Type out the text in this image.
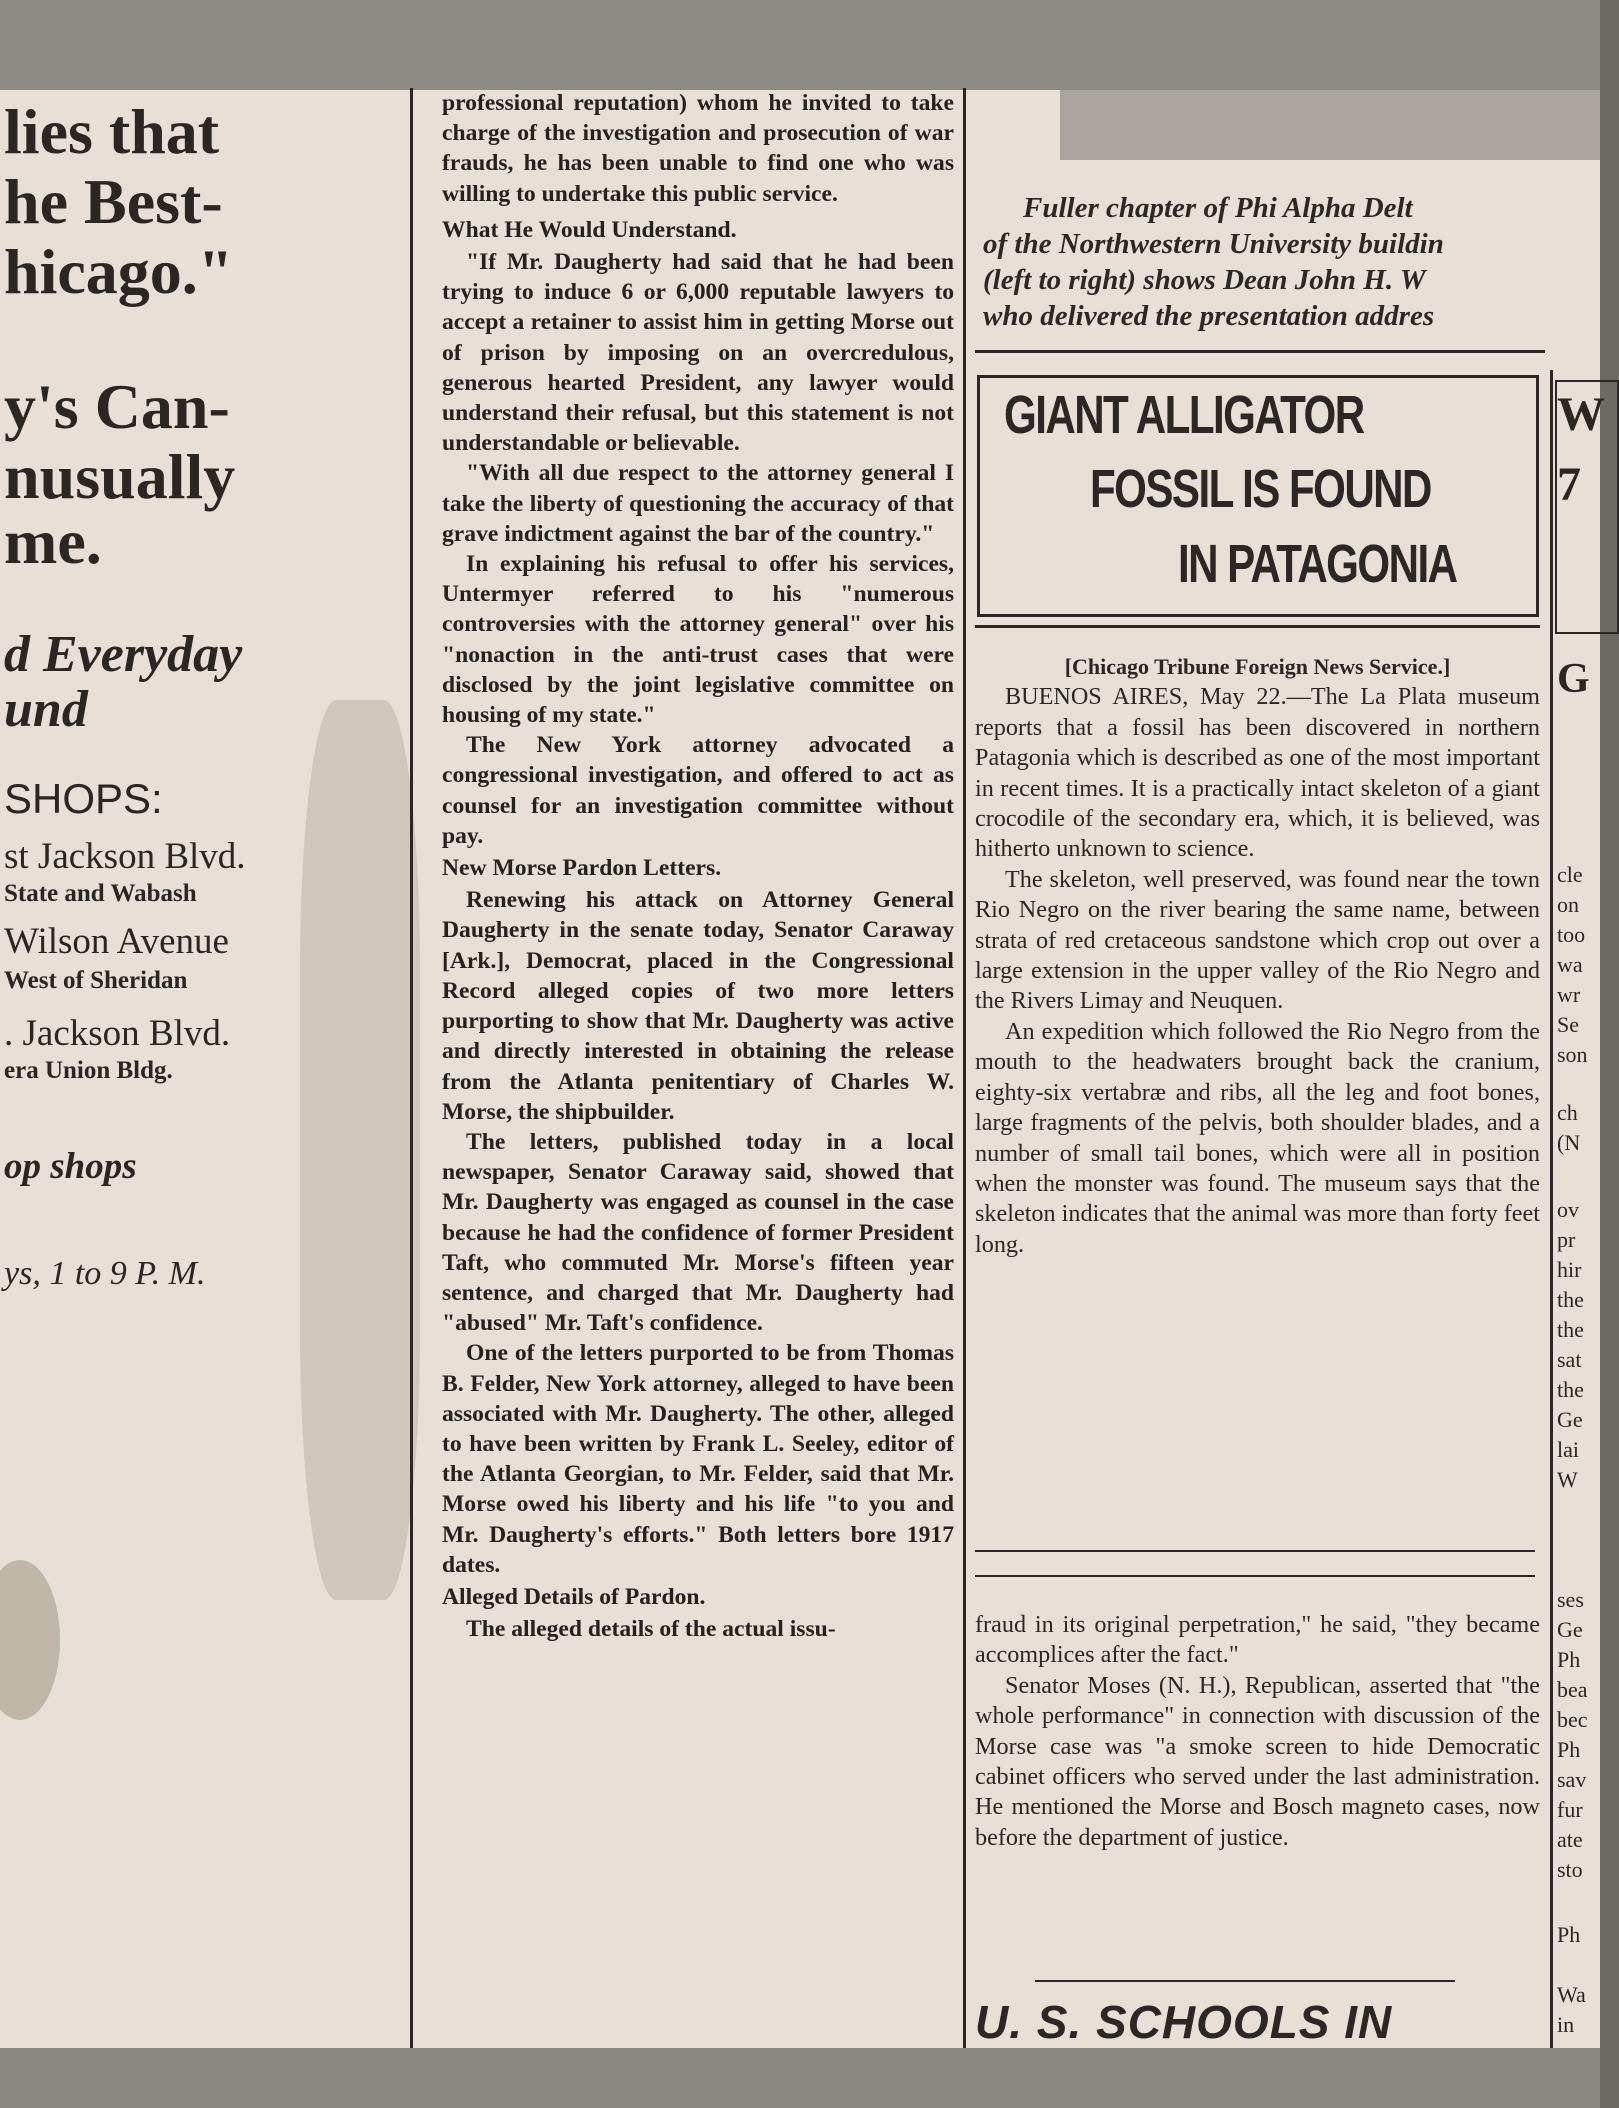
lies that
he Best-
hicago."
y's Can-
nusually
me.
d Everyday
und
SHOPS:
st Jackson Blvd.
State and Wabash
Wilson Avenue
West of Sheridan
. Jackson Blvd.
era Union Bldg.
op shops
ys, 1 to 9 P. M.

professional reputation) whom he invited to take charge of the investigation and prosecution of war frauds, he has been unable to find one who was willing to undertake this public service.

What He Would Understand.

"If Mr. Daugherty had said that he had been trying to induce 6 or 6,000 reputable lawyers to accept a retainer to assist him in getting Morse out of prison by imposing on an overcredulous, generous hearted President, any lawyer would understand their refusal, but this statement is not understandable or believable.

"With all due respect to the attorney general I take the liberty of questioning the accuracy of that grave indictment against the bar of the country."

In explaining his refusal to offer his services, Untermyer referred to his "numerous controversies with the attorney general" over his "nonaction in the anti-trust cases that were disclosed by the joint legislative committee on housing of my state."

The New York attorney advocated a congressional investigation, and offered to act as counsel for an investigation committee without pay.

New Morse Pardon Letters.

Renewing his attack on Attorney General Daugherty in the senate today, Senator Caraway [Ark.], Democrat, placed in the Congressional Record alleged copies of two more letters purporting to show that Mr. Daugherty was active and directly interested in obtaining the release from the Atlanta penitentiary of Charles W. Morse, the shipbuilder.

The letters, published today in a local newspaper, Senator Caraway said, showed that Mr. Daugherty was engaged as counsel in the case because he had the confidence of former President Taft, who commuted Mr. Morse's fifteen year sentence, and charged that Mr. Daugherty had "abused" Mr. Taft's confidence.

One of the letters purported to be from Thomas B. Felder, New York attorney, alleged to have been associated with Mr. Daugherty. The other, alleged to have been written by Frank L. Seeley, editor of the Atlanta Georgian, to Mr. Felder, said that Mr. Morse owed his liberty and his life "to you and Mr. Daugherty's efforts." Both letters bore 1917 dates.

Alleged Details of Pardon.

The alleged details of the actual issu-

Fuller chapter of Phi Alpha Delt
of the Northwestern University buildin
(left to right) shows Dean John H. W
who delivered the presentation addres
GIANT ALLIGATOR
FOSSIL IS FOUND
IN PATAGONIA
[Chicago Tribune Foreign News Service.]

BUENOS AIRES, May 22.—The La Plata museum reports that a fossil has been discovered in northern Patagonia which is described as one of the most important in recent times. It is a practically intact skeleton of a giant crocodile of the secondary era, which, it is believed, was hitherto unknown to science.

The skeleton, well preserved, was found near the town Rio Negro on the river bearing the same name, between strata of red cretaceous sandstone which crop out over a large extension in the upper valley of the Rio Negro and the Rivers Limay and Neuquen.

An expedition which followed the Rio Negro from the mouth to the headwaters brought back the cranium, eighty-six vertabræ and ribs, all the leg and foot bones, large fragments of the pelvis, both shoulder blades, and a number of small tail bones, which were all in position when the monster was found. The museum says that the skeleton indicates that the animal was more than forty feet long.

fraud in its original perpetration," he said, "they became accomplices after the fact."

Senator Moses (N. H.), Republican, asserted that "the whole performance" in connection with discussion of the Morse case was "a smoke screen to hide Democratic cabinet officers who served under the last administration. He mentioned the Morse and Bosch magneto cases, now before the department of justice.

U. S. SCHOOLS IN
W
7
G
cle
on
too
wa
wr
Se
son
ch
(N
ov
pr
hir
the
the
sat
the
Ge
lai
W
ses
Ge
Ph
bea
bec
Ph
sav
fur
ate
sto
Ph
Wa
in
